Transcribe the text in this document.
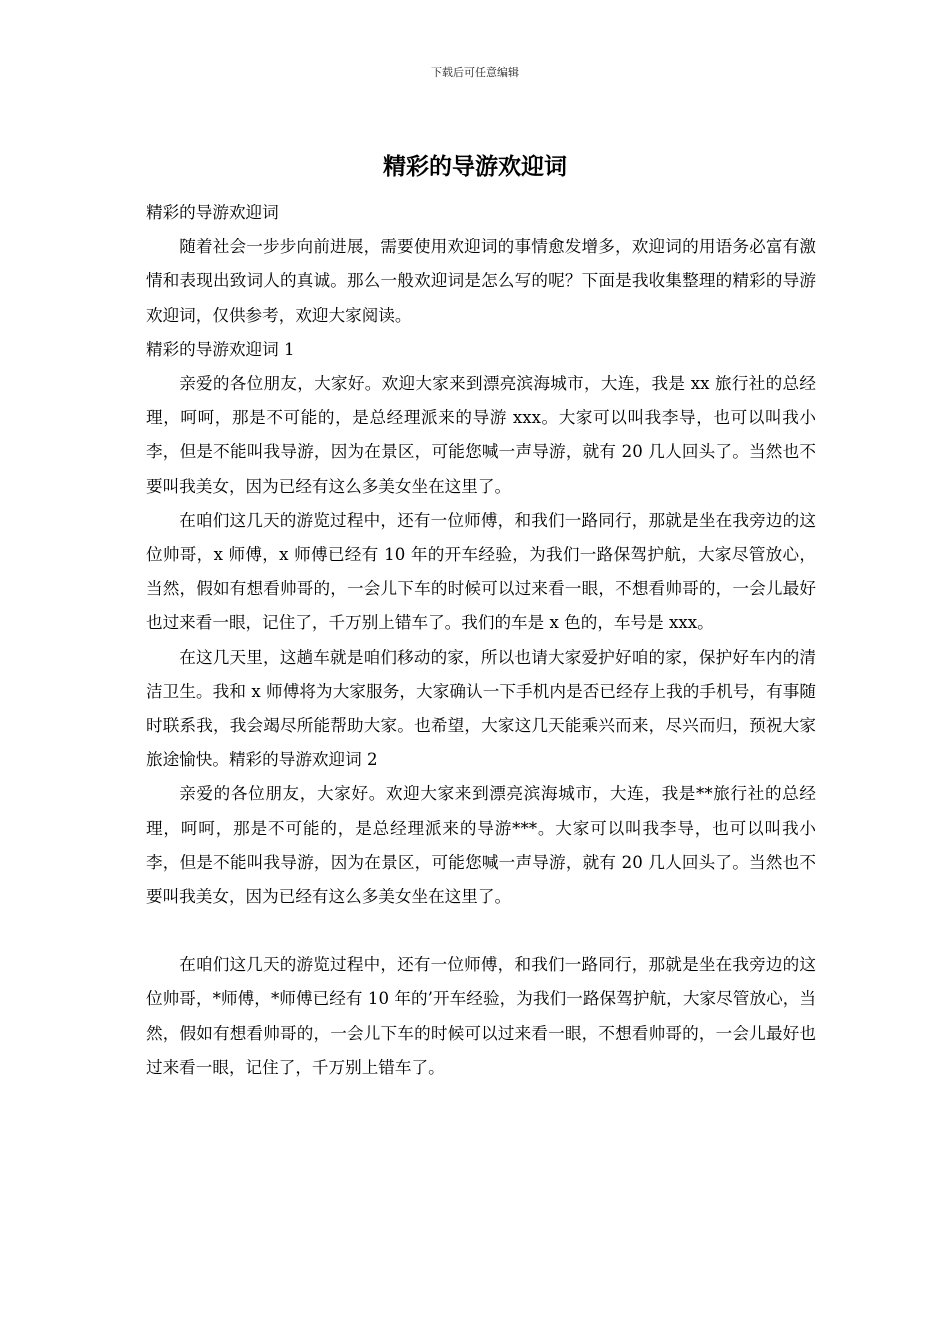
下载后可任意编辑
精彩的导游欢迎词

精彩的导游欢迎词

随着社会一步步向前进展，需要使用欢迎词的事情愈发增多，欢迎词的用语务必富有激情和表现出致词人的真诚。那么一般欢迎词是怎么写的呢？下面是我收集整理的精彩的导游欢迎词，仅供参考，欢迎大家阅读。

精彩的导游欢迎词 1

亲爱的各位朋友，大家好。欢迎大家来到漂亮滨海城市，大连，我是 xx 旅行社的总经理，呵呵，那是不可能的，是总经理派来的导游 xxx。大家可以叫我李导，也可以叫我小李，但是不能叫我导游，因为在景区，可能您喊一声导游，就有 20 几人回头了。当然也不要叫我美女，因为已经有这么多美女坐在这里了。

在咱们这几天的游览过程中，还有一位师傅，和我们一路同行，那就是坐在我旁边的这位帅哥，x 师傅，x 师傅已经有 10 年的开车经验，为我们一路保驾护航，大家尽管放心，当然，假如有想看帅哥的，一会儿下车的时候可以过来看一眼，不想看帅哥的，一会儿最好也过来看一眼，记住了，千万别上错车了。我们的车是 x 色的，车号是 xxx。

在这几天里，这趟车就是咱们移动的家，所以也请大家爱护好咱的家，保护好车内的清洁卫生。我和 x 师傅将为大家服务，大家确认一下手机内是否已经存上我的手机号，有事随时联系我，我会竭尽所能帮助大家。也希望，大家这几天能乘兴而来，尽兴而归，预祝大家旅途愉快。精彩的导游欢迎词 2

亲爱的各位朋友，大家好。欢迎大家来到漂亮滨海城市，大连，我是**旅行社的总经理，呵呵，那是不可能的，是总经理派来的导游***。大家可以叫我李导，也可以叫我小李，但是不能叫我导游，因为在景区，可能您喊一声导游，就有 20 几人回头了。当然也不要叫我美女，因为已经有这么多美女坐在这里了。

在咱们这几天的游览过程中，还有一位师傅，和我们一路同行，那就是坐在我旁边的这位帅哥，*师傅，*师傅已经有 10 年的’开车经验，为我们一路保驾护航，大家尽管放心，当然，假如有想看帅哥的，一会儿下车的时候可以过来看一眼，不想看帅哥的，一会儿最好也过来看一眼，记住了，千万别上错车了。
